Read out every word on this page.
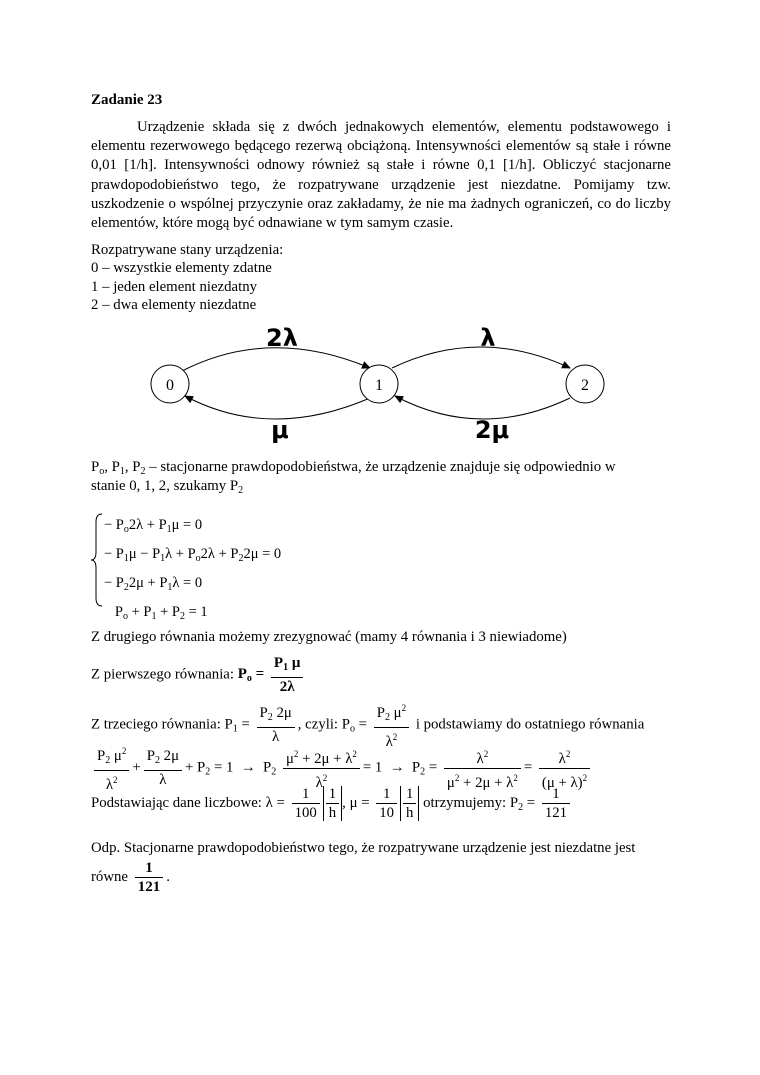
Zadanie 23
Urządzenie składa się z dwóch jednakowych elementów, elementu podstawowego i elementu rezerwowego będącego rezerwą obciążoną. Intensywności elementów są stałe i równe 0,01 [1/h]. Intensywności odnowy również są stałe i równe 0,1 [1/h]. Obliczyć stacjonarne prawdopodobieństwo tego, że rozpatrywane urządzenie jest niezdatne. Pomijamy tzw. uszkodzenie o wspólnej przyczynie oraz zakładamy, że nie ma żadnych ograniczeń, co do liczby elementów, które mogą być odnawiane w tym samym czasie.
Rozpatrywane stany urządzenia:
0 – wszystkie elementy zdatne
1 – jeden element niezdatny
2 – dwa elementy niezdatne
0	1	2
2λ	λ
μ	2μ
$P_o$, $P_1$, $P_2$ – stacjonarne prawdopodobieństwa, że urządzenie znajduje się odpowiednio w
stanie 0, 1, 2, szukamy $P_2$
− $P_o2\lambda + P_1\mu = 0$
− $P_1\mu - P_1\lambda + P_o2\lambda + P_22\mu = 0$
− $P_22\mu + P_1\lambda = 0$
$P_o + P_1 + P_2 = 1$
Z drugiego równania możemy zrezygnować (mamy 4 równania i 3 niewiadome)
Z pierwszego równania: $P_o = \frac{P_1 \mu}{2\lambda}$
Z trzeciego równania: $P_1 = \frac{P_2 2\mu}{\lambda}$ , czyli: $P_o = \frac{P_2 \mu^2}{\lambda^2}$ i podstawiamy do ostatniego równania
$\frac{P_2 \mu^2}{\lambda^2} + \frac{P_2 2\mu}{\lambda} + P_2 = 1 \to P_2 \frac{\mu^2 + 2\mu + \lambda^2}{\lambda^2} = 1 \to P_2 = \frac{\lambda^2}{\mu^2 + 2\mu + \lambda^2} = \frac{\lambda^2}{(\mu + \lambda)^2}$
Podstawiając dane liczbowe: $\lambda = \frac{1}{100} \frac{1}{h}$ , $\mu = \frac{1}{10} \frac{1}{h}$ otrzymujemy: $P_2 = \frac{1}{121}$
Odp. Stacjonarne prawdopodobieństwo tego, że rozpatrywane urządzenie jest niezdatne jest
równe $\frac{1}{121}$ .
